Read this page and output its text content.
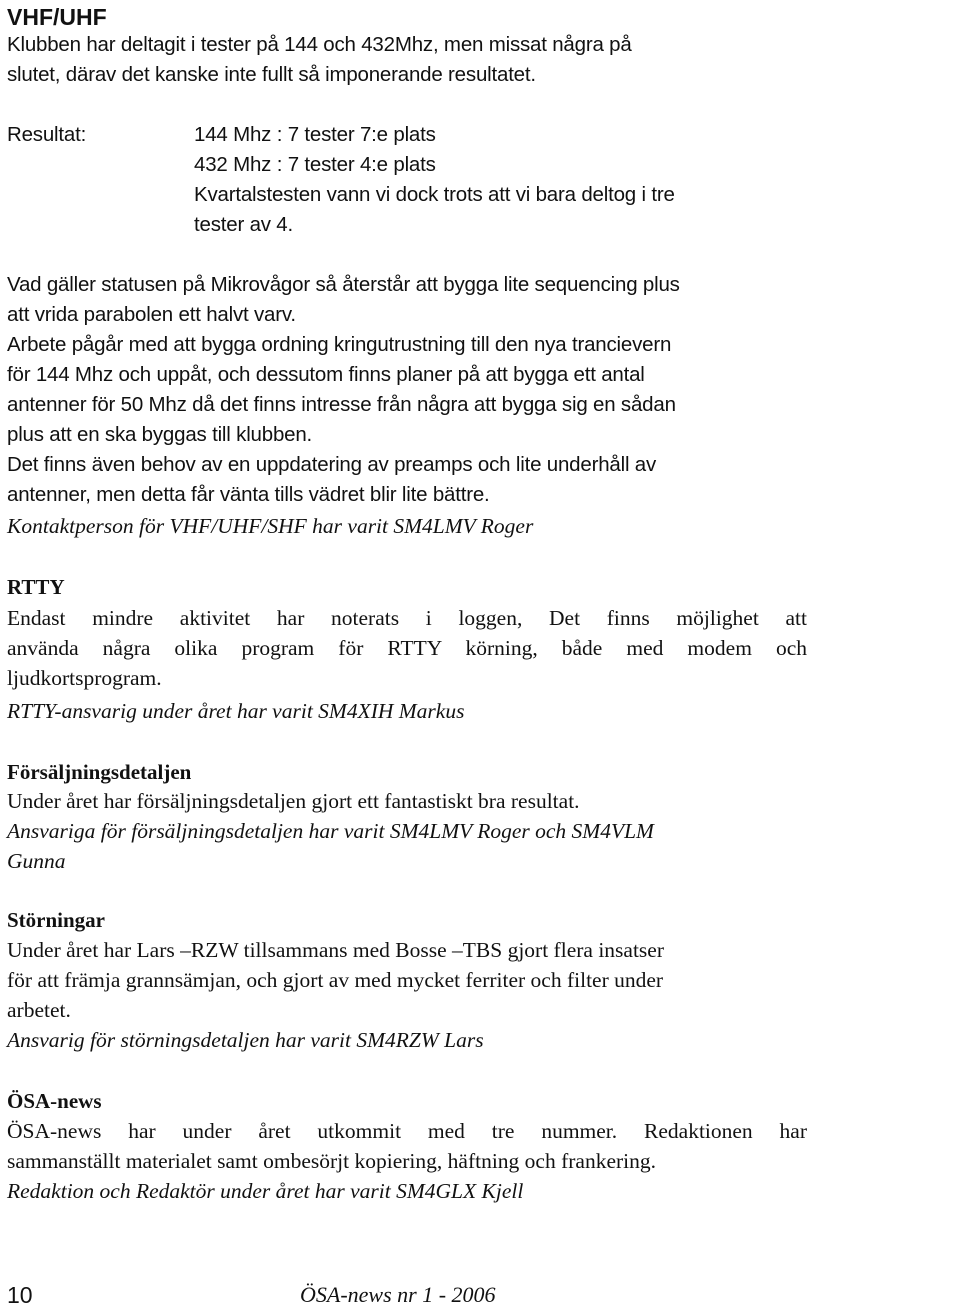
VHF/UHF
Klubben har deltagit i tester på 144 och 432Mhz, men missat några på
slutet, därav det kanske inte fullt så imponerande resultatet.
Resultat:	144 Mhz : 7 tester 7:e plats
432 Mhz : 7 tester 4:e plats
Kvartalstesten vann vi dock trots att vi bara deltog i tre
tester av 4.
Vad gäller statusen på Mikrovågor så återstår att bygga lite sequencing plus
att vrida parabolen ett halvt varv.
Arbete pågår med att bygga ordning kringutrustning till den nya trancievern
för 144 Mhz och uppåt, och dessutom finns planer på att bygga ett antal
antenner för 50 Mhz då det finns intresse från några att bygga sig en sådan
plus att en ska byggas till klubben.
Det finns även behov av en uppdatering av preamps och lite underhåll av
antenner, men detta får vänta tills vädret blir lite bättre.
Kontaktperson för VHF/UHF/SHF har varit SM4LMV Roger
RTTY
Endast mindre aktivitet har noterats i loggen, Det finns möjlighet att
använda några olika program för RTTY körning, både med modem och
ljudkortsprogram.
RTTY-ansvarig under året har varit SM4XIH Markus
Försäljningsdetaljen
Under året har försäljningsdetaljen gjort ett fantastiskt bra resultat.
Ansvariga för försäljningsdetaljen har varit SM4LMV Roger och SM4VLM
Gunna
Störningar
Under året har Lars –RZW tillsammans med Bosse –TBS gjort flera insatser
för att främja grannsämjan, och gjort av med mycket ferriter och filter under
arbetet.
Ansvarig för störningsdetaljen har varit SM4RZW Lars
ÖSA-news
ÖSA-news har under året utkommit med tre nummer. Redaktionen har
sammanställt materialet samt ombesörjt kopiering, häftning och frankering.
Redaktion och Redaktör under året har varit SM4GLX Kjell
10	ÖSA-news nr 1 - 2006
